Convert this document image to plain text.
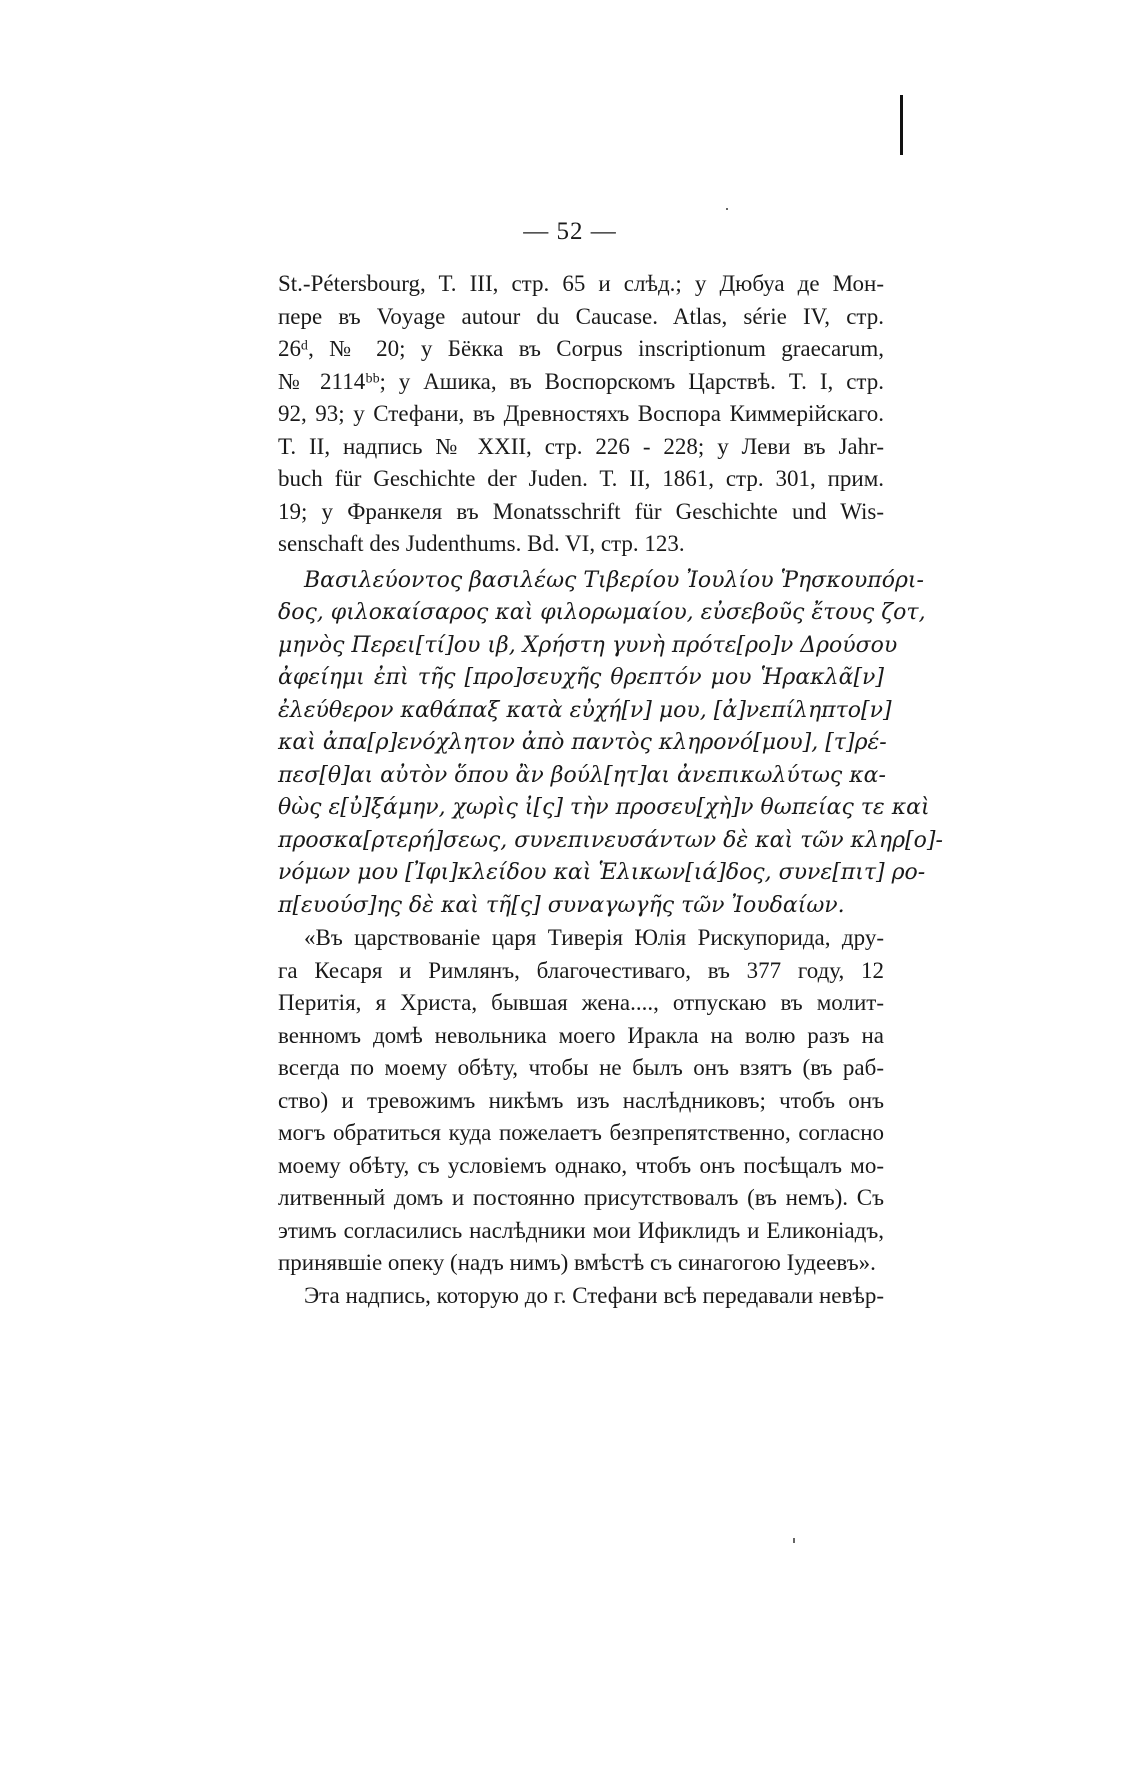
— 52 —
St.-Pétersbourg, T. III, стр. 65 и слѣд.; у Дюбуа де Мон-
перe въ Voyage autour du Caucase. Atlas, série IV, стр.
26ᵈ, № 20; у Бёкка въ Corpus inscriptionum graecarum,
№ 2114ᵇᵇ; у Ашика, въ Воспорскомъ Царствѣ. T. I, стр.
92, 93; у Стефани, въ Древностяхъ Воспора Киммерійскаго.
T. II, надпись № XXII, стр. 226 - 228; у Леви въ Jahr-
buch für Geschichte der Juden. T. II, 1861, стр. 301, прим.
19; у Франкеля въ Monatsschrift für Geschichte und Wis-
senschaft des Judenthums. Bd. VI, стр. 123.
Βασιλεύοντος βασιλέως Τιβερίου Ἰουλίου Ῥησκουπόρι-
δος, φιλοκαίσαρος καὶ φιλορωμαίου, εὐσεβοῦς ἔτους ζοτ,
μηνὸς Περει[τί]ου ιβ, Χρήστη γυνὴ πρότε[ρο]ν Δρούσου
ἀφείημι ἐπὶ τῆς [προ]σευχῆς θρεπτόν μου Ἡρακλᾶ[ν]
ἐλεύθερον καθάπαξ κατὰ εὐχή[ν] μου, [ἀ]νεπίληπτο[ν]
καὶ ἀπα[ρ]ενόχλητον ἀπὸ παντὸς κληρονό[μου], [τ]ρέ-
πεσ[θ]αι αὐτὸν ὅπου ἂν βούλ[ητ]αι ἀνεπικωλύτως κα-
θὼς ε[ὐ]ξάμην, χωρὶς ἰ[ς] τὴν προσευ[χὴ]ν θωπείας τε καὶ
προσκα[ρτερή]σεως, συνεπινευσάντων δὲ καὶ τῶν κληρ[ο]-
νόμων μου [Ἰφι]κλείδου καὶ Ἑλικων[ιά]δος, συνε[πιτ] ρο-
π[ευούσ]ης δὲ καὶ τῆ[ς] συναγωγῆς τῶν Ἰουδαίων.
«Въ царствованіе царя Тиверія Юлія Рискупорида, дру-
га Кесаря и Римлянъ, благочестиваго, въ 377 году, 12
Перитія, я Христа, бывшая жена...., отпускаю въ молит-
венномъ домѣ невольника моего Иракла на волю разъ на
всегда по моему обѣту, чтобы не былъ онъ взятъ (въ раб-
ство) и тревожимъ никѣмъ изъ наслѣдниковъ; чтобъ онъ
могъ обратиться куда пожелаетъ безпрепятственно, согласно
моему обѣту, съ условіемъ однако, чтобъ онъ посѣщалъ мо-
литвенный домъ и постоянно присутствовалъ (въ немъ). Съ
этимъ согласились наслѣдники мои Ификлидъ и Еликоніадъ,
принявшіе опеку (надъ нимъ) вмѣстѣ съ синагогою Іудеевъ».
Эта надпись, которую до г. Стефани всѣ передавали невѣр-
